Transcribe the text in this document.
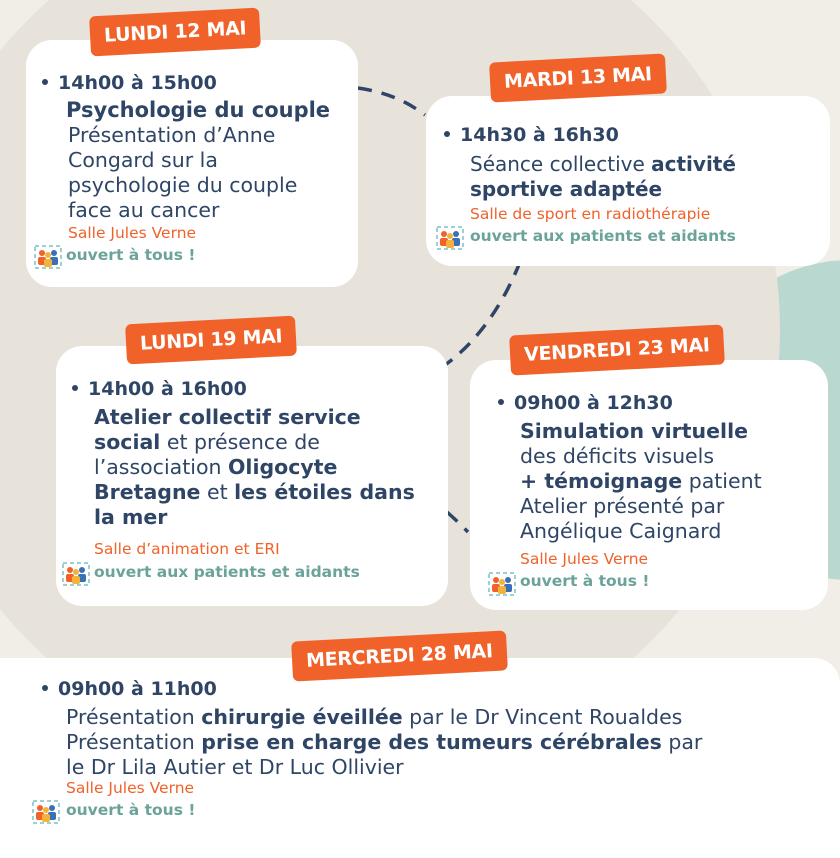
LUNDI 12 MAI
14h00 à 15h00
Psychologie du couple
Présentation d’Anne
Congard sur la
psychologie du couple
face au cancer
Salle Jules Verne
ouvert à tous !
MARDI 13 MAI
14h30 à 16h30
Séance collective activité
sportive adaptée
Salle de sport en radiothérapie
ouvert aux patients et aidants
LUNDI 19 MAI
14h00 à 16h00
Atelier collectif service
social et présence de
l’association Oligocyte
Bretagne et les étoiles dans
la mer
Salle d’animation et ERI
ouvert aux patients et aidants
VENDREDI 23 MAI
09h00 à 12h30
Simulation virtuelle
des déficits visuels
+ témoignage patient
Atelier présenté par
Angélique Caignard
Salle Jules Verne
ouvert à tous !
MERCREDI 28 MAI
09h00 à 11h00
Présentation chirurgie éveillée par le Dr Vincent Roualdes
Présentation prise en charge des tumeurs cérébrales par
le Dr Lila Autier et Dr Luc Ollivier
Salle Jules Verne
ouvert à tous !
